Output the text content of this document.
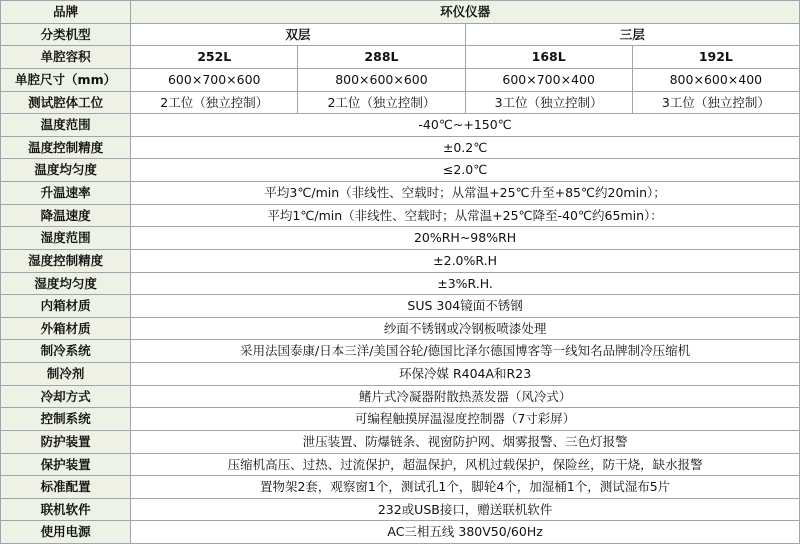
品牌	环仪仪器			
分类机型	双层		三层	
单腔容积	252L	288L	168L	192L
单腔尺寸（mm）	600×700×600	800×600×600	600×700×400	800×600×400
测试腔体工位	2工位（独立控制）	2工位（独立控制）	3工位（独立控制）	3工位（独立控制）
温度范围	-40℃~+150℃			
温度控制精度	±0.2℃			
温度均匀度	≤2.0℃			
升温速率	平均3℃/min（非线性、空载时；从常温+25℃升至+85℃约20min）；			
降温速度	平均1℃/min（非线性、空载时；从常温+25℃降至-40℃约65min）：			
湿度范围	20%RH~98%RH			
湿度控制精度	±2.0%R.H			
湿度均匀度	±3%R.H.			
内箱材质	SUS 304镜面不锈钢			
外箱材质	纱面不锈钢或冷钢板喷漆处理			
制冷系统	采用法国泰康/日本三洋/美国谷轮/德国比泽尔德国博客等一线知名品牌制冷压缩机			
制冷剂	环保冷媒 R404A和R23			
冷却方式	鳍片式冷凝器附散热蒸发器（风冷式）			
控制系统	可编程触摸屏温湿度控制器（7寸彩屏）			
防护装置	泄压装置、防爆链条、视窗防护网、烟雾报警、三色灯报警			
保护装置	压缩机高压、过热、过流保护，超温保护，风机过载保护，保险丝，防干烧，缺水报警			
标准配置	置物架2套，观察窗1个，测试孔1个，脚轮4个，加湿桶1个，测试湿布5片			
联机软件	232或USB接口，赠送联机软件			
使用电源	AC三相五线 380V50/60Hz			
